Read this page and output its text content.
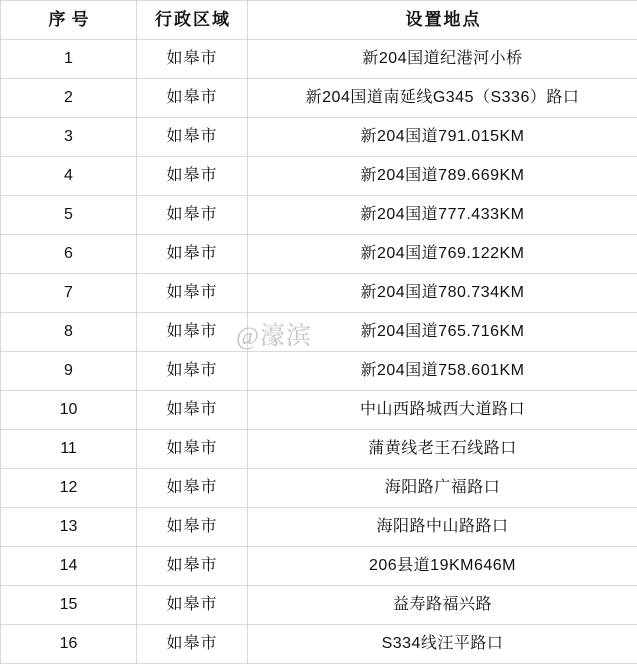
序号	行政区域	设置地点
1	如皋市	新204国道纪港河小桥
2	如皋市	新204国道南延线G345（S336）路口
3	如皋市	新204国道791.015KM
4	如皋市	新204国道789.669KM
5	如皋市	新204国道777.433KM
6	如皋市	新204国道769.122KM
7	如皋市	新204国道780.734KM
8	如皋市	新204国道765.716KM
9	如皋市	新204国道758.601KM
10	如皋市	中山西路城西大道路口
11	如皋市	蒲黄线老王石线路口
12	如皋市	海阳路广福路口
13	如皋市	海阳路中山路路口
14	如皋市	206县道19KM646M
15	如皋市	益寿路福兴路
16	如皋市	S334线汪平路口
@濠滨
